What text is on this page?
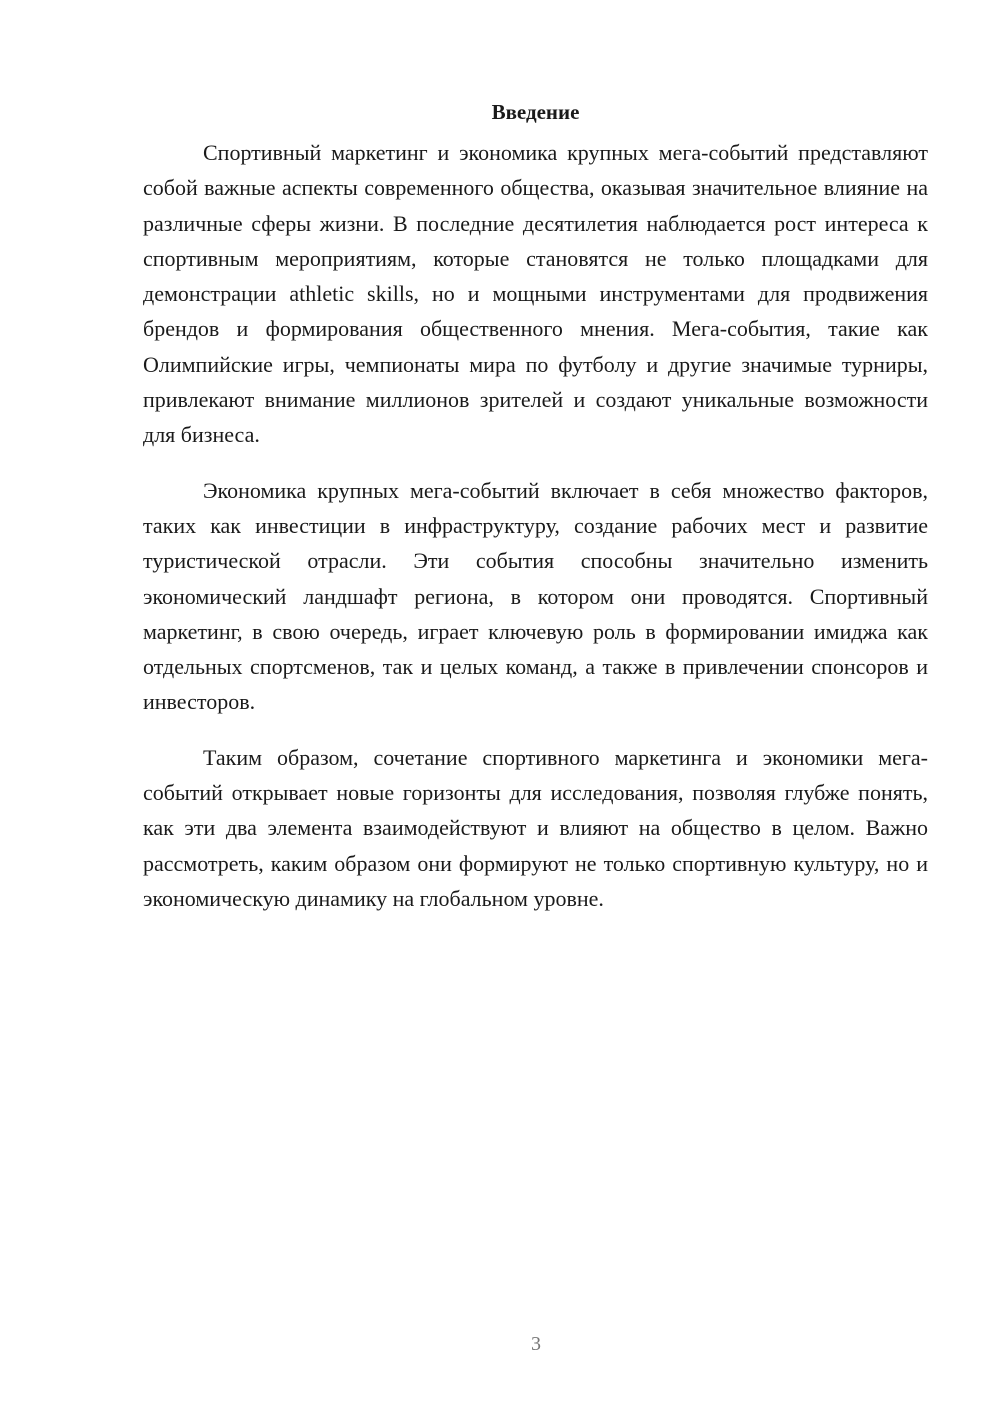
Введение

Спортивный маркетинг и экономика крупных мега-событий представляют собой важные аспекты современного общества, оказывая значительное влияние на различные сферы жизни. В последние десятилетия наблюдается рост интереса к спортивным мероприятиям, которые становятся не только площадками для демонстрации athletic skills, но и мощными инструментами для продвижения брендов и формирования общественного мнения. Мега-события, такие как Олимпийские игры, чемпионаты мира по футболу и другие значимые турниры, привлекают внимание миллионов зрителей и создают уникальные возможности для бизнеса.

Экономика крупных мега-событий включает в себя множество факторов, таких как инвестиции в инфраструктуру, создание рабочих мест и развитие туристической отрасли. Эти события способны значительно изменить экономический ландшафт региона, в котором они проводятся. Спортивный маркетинг, в свою очередь, играет ключевую роль в формировании имиджа как отдельных спортсменов, так и целых команд, а также в привлечении спонсоров и инвесторов.

Таким образом, сочетание спортивного маркетинга и экономики мега-событий открывает новые горизонты для исследования, позволяя глубже понять, как эти два элемента взаимодействуют и влияют на общество в целом. Важно рассмотреть, каким образом они формируют не только спортивную культуру, но и экономическую динамику на глобальном уровне.

3
